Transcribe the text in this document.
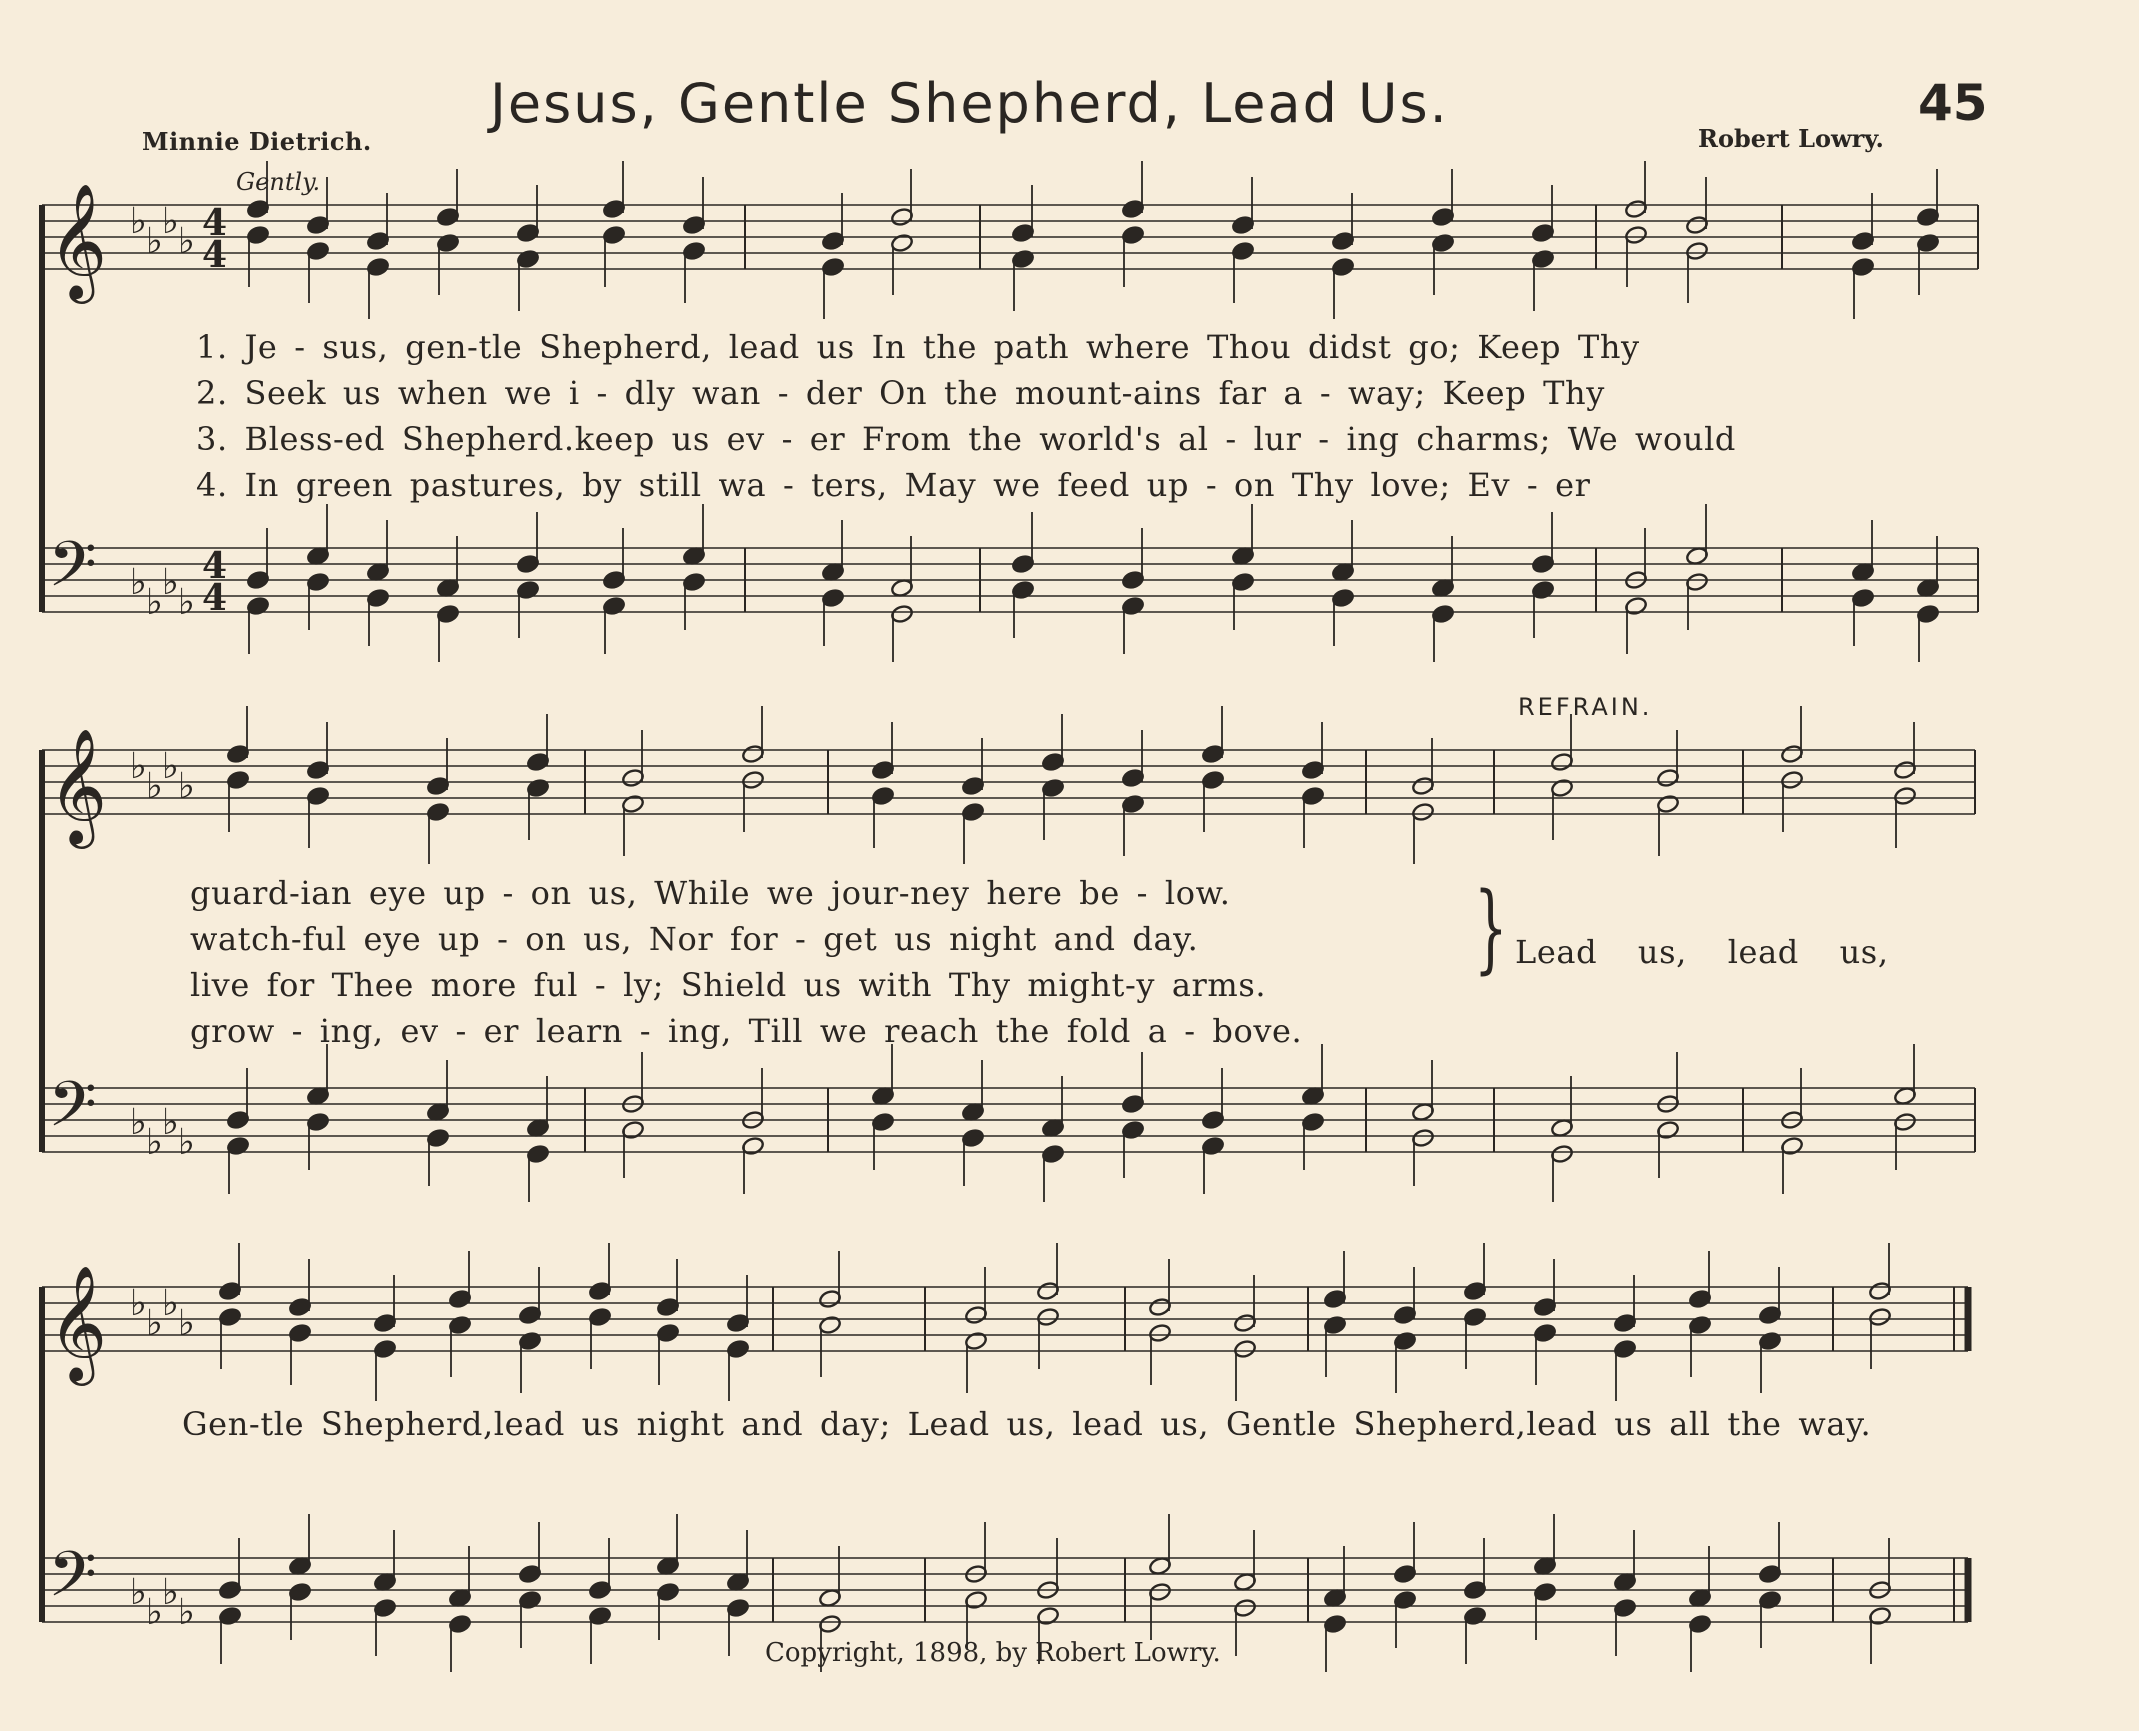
Jesus, Gentle Shepherd, Lead Us.	45
Minnie Dietrich.	Robert Lowry.
Gently.
REFRAIN.
𝄞 ♭ ♭ ♭ ♭ 4
4
𝄢 ♭ ♭ ♭ ♭
4
4
𝄞 ♭ ♭ ♭ ♭
𝄢 ♭ ♭ ♭ ♭
𝄞 ♭ ♭ ♭ ♭
𝄢 ♭ ♭ ♭ ♭
1. Je - sus, gen-tle Shepherd, lead us In the path where Thou didst go; Keep Thy
2. Seek us when we i - dly wan - der On the mount-ains far a - way; Keep Thy
3. Bless-ed Shepherd.keep us ev - er From the world's al - lur - ing charms; We would
4. In green pastures, by still wa - ters, May we feed up - on Thy love; Ev - er
guard-ian eye up - on us, While we jour-ney here be - low.
watch-ful eye up - on us, Nor for - get us night and day.
live for Thee more ful - ly; Shield us with Thy might-y arms.
grow - ing, ev - er learn - ing, Till we reach the fold a - bove.
} Lead us, lead us,
Gen-tle Shepherd,lead us night and day; Lead us, lead us, Gentle Shepherd,lead us all the way.
Copyright, 1898, by Robert Lowry.
